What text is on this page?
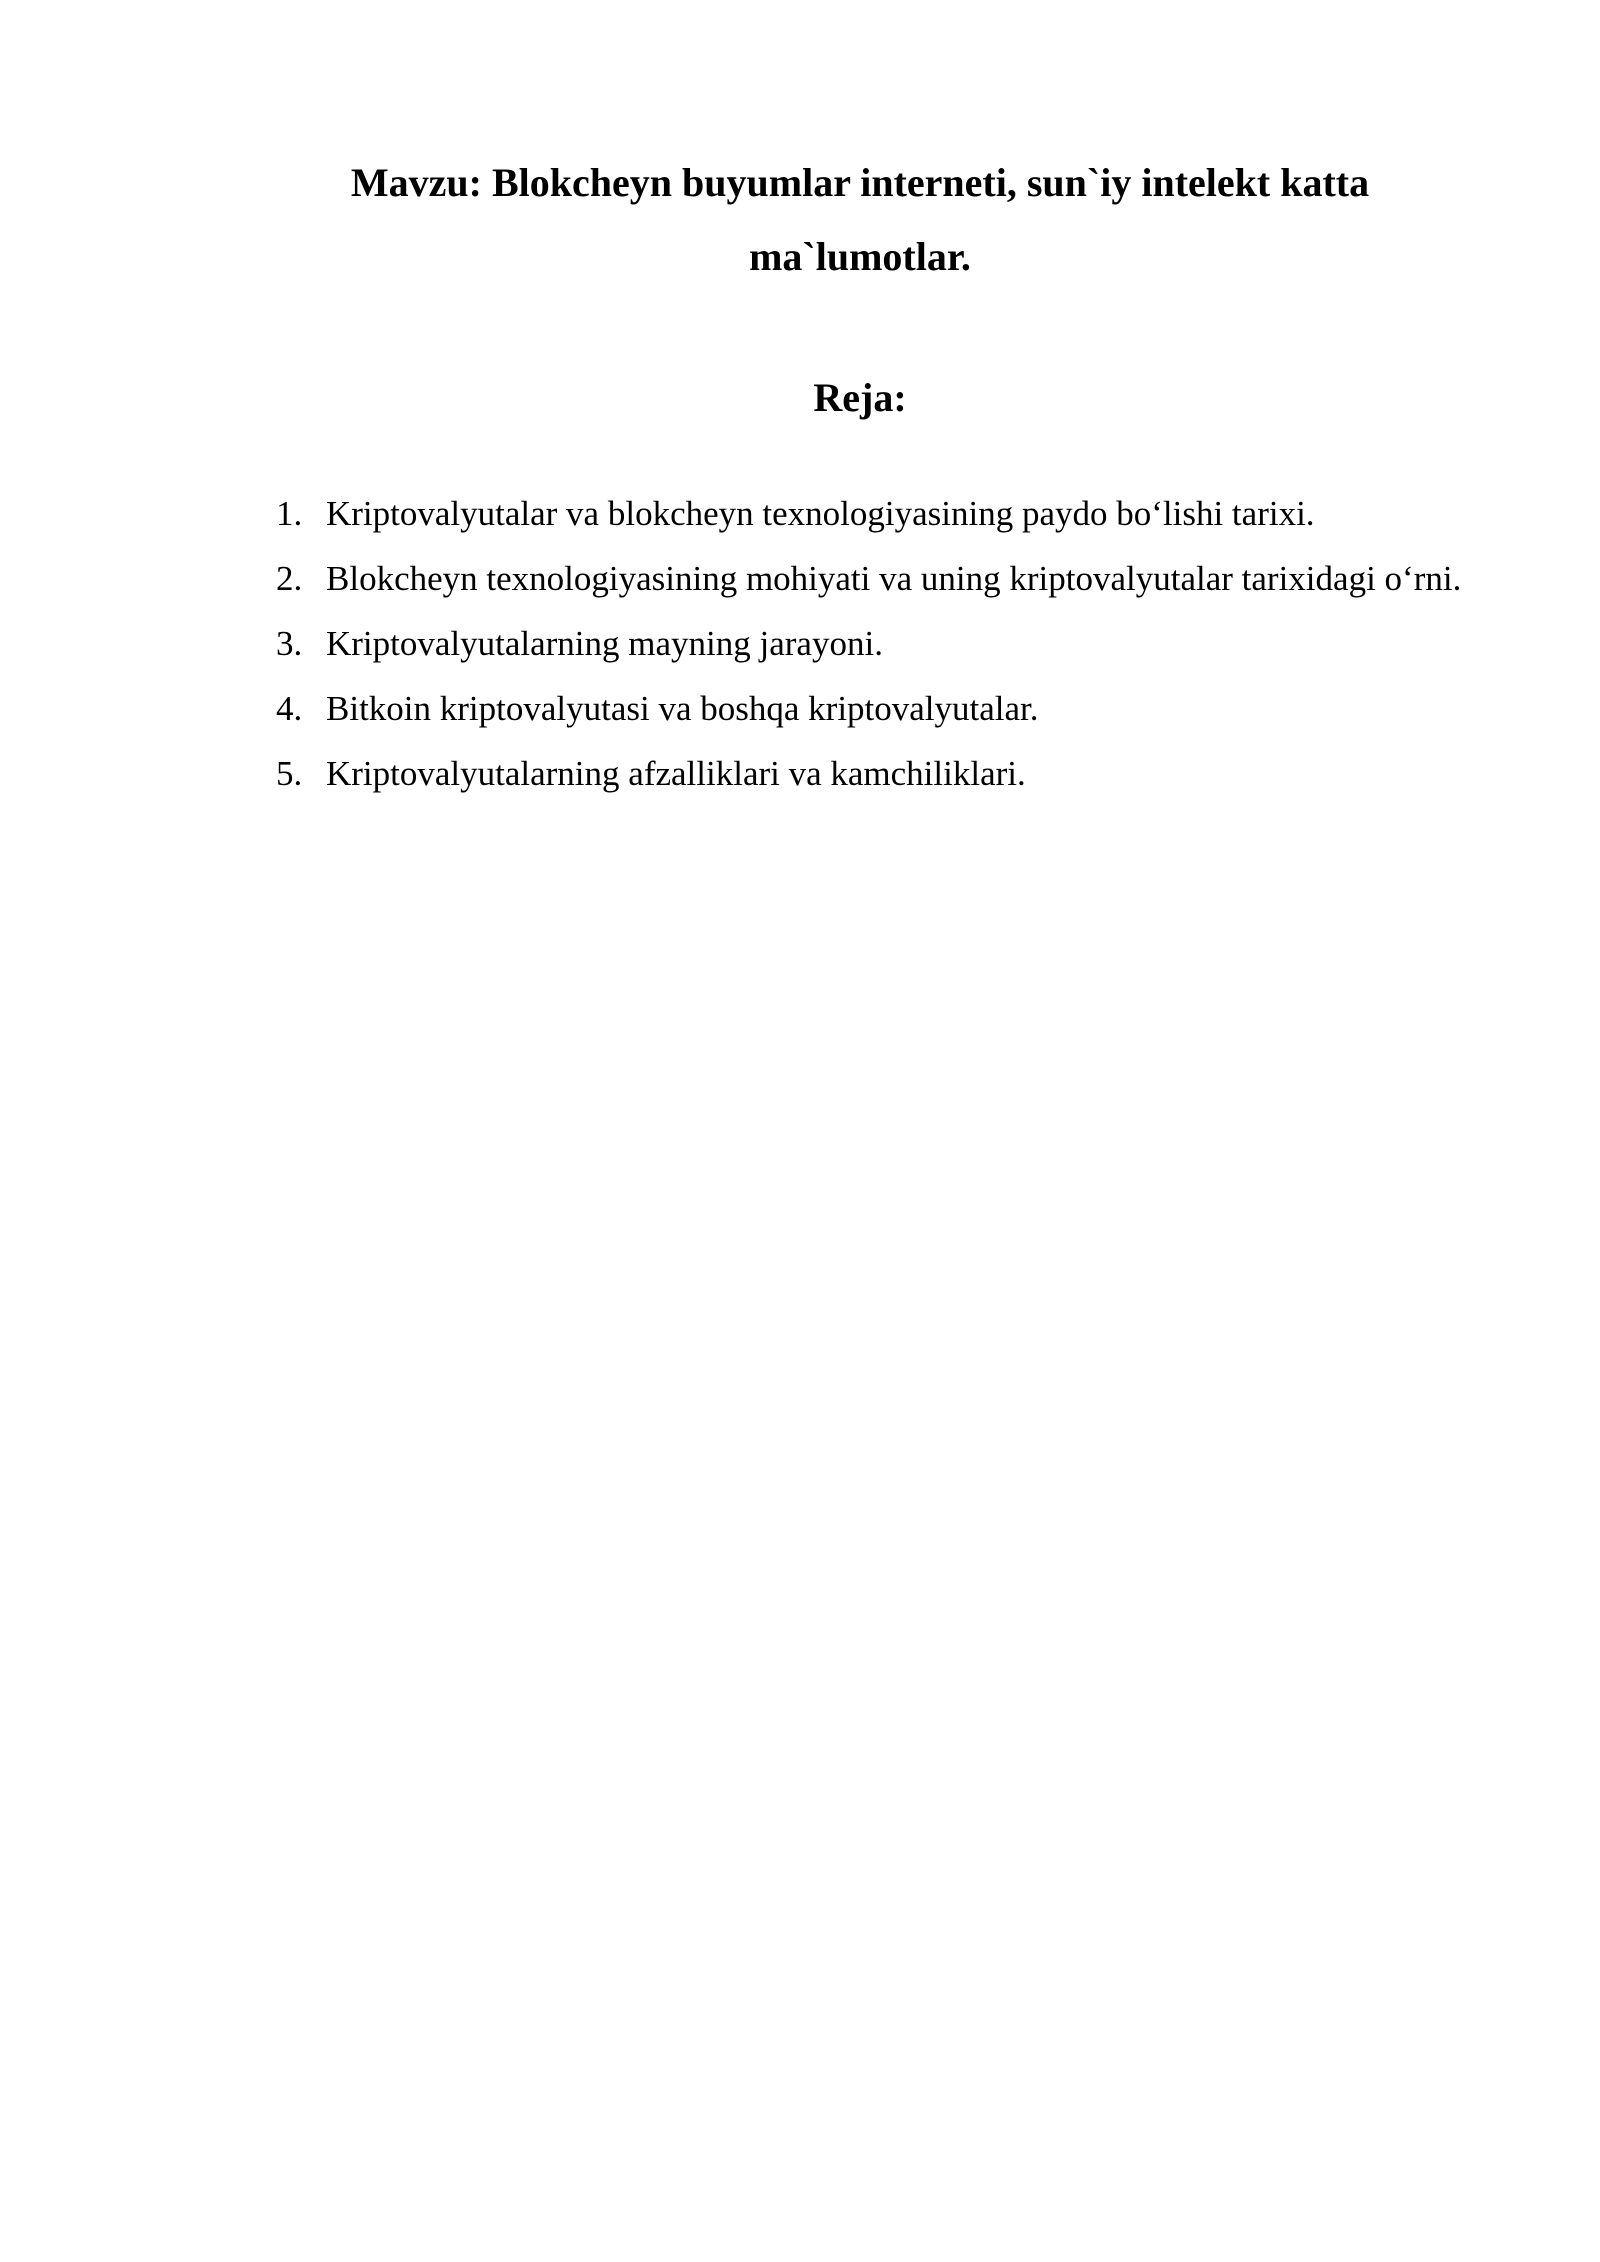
Mavzu: Blokcheyn buyumlar interneti, sun`iy intelekt katta
ma`lumotlar.
Reja:
1. Kriptovalyutalar va blokcheyn texnologiyasining paydo bo‘lishi tarixi.
2. Blokcheyn texnologiyasining mohiyati va uning kriptovalyutalar tarixidagi o‘rni.
3. Kriptovalyutalarning mayning jarayoni.
4. Bitkoin kriptovalyutasi va boshqa kriptovalyutalar.
5. Kriptovalyutalarning afzalliklari va kamchiliklari.
